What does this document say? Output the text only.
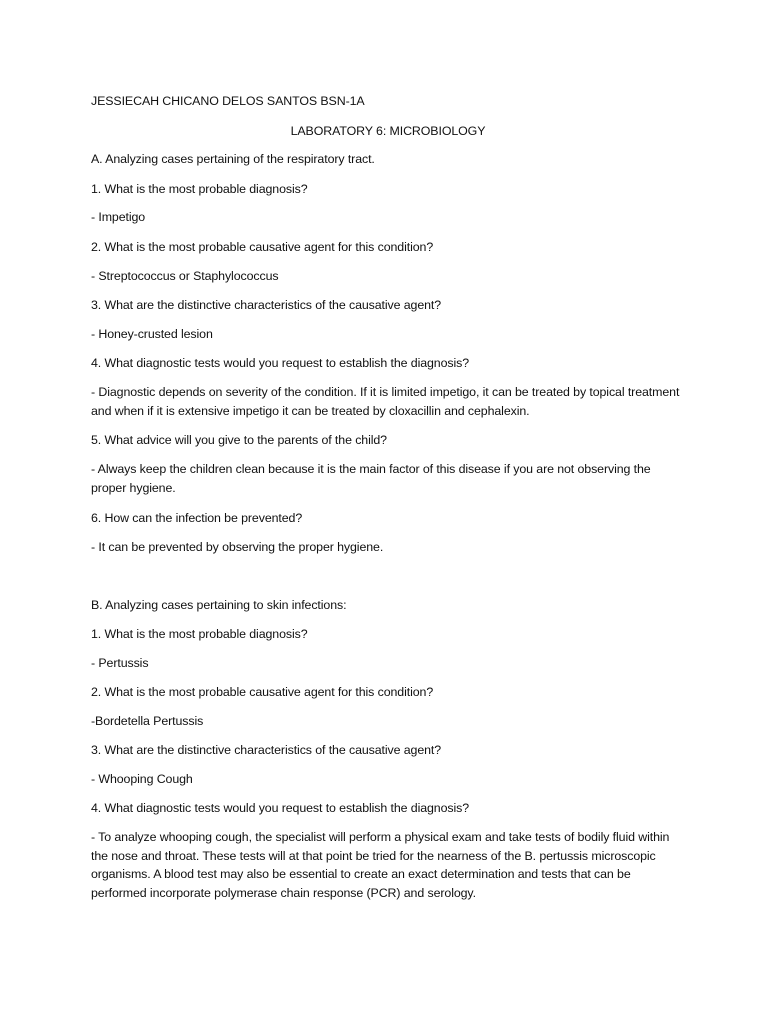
JESSIECAH CHICANO DELOS SANTOS BSN-1A

LABORATORY 6: MICROBIOLOGY

A. Analyzing cases pertaining of the respiratory tract.

1. What is the most probable diagnosis?

- Impetigo

2. What is the most probable causative agent for this condition?

- Streptococcus or Staphylococcus

3. What are the distinctive characteristics of the causative agent?

- Honey-crusted lesion

4. What diagnostic tests would you request to establish the diagnosis?

- Diagnostic depends on severity of the condition. If it is limited impetigo, it can be treated by topical treatment and when if it is extensive impetigo it can be treated by cloxacillin and cephalexin.

5. What advice will you give to the parents of the child?

- Always keep the children clean because it is the main factor of this disease if you are not observing the proper hygiene.

6. How can the infection be prevented?

- It can be prevented by observing the proper hygiene.

B. Analyzing cases pertaining to skin infections:

1. What is the most probable diagnosis?

- Pertussis

2. What is the most probable causative agent for this condition?

-Bordetella Pertussis

3. What are the distinctive characteristics of the causative agent?

- Whooping Cough

4. What diagnostic tests would you request to establish the diagnosis?

- To analyze whooping cough, the specialist will perform a physical exam and take tests of bodily fluid within the nose and throat. These tests will at that point be tried for the nearness of the B. pertussis microscopic organisms. A blood test may also be essential to create an exact determination and tests that can be performed incorporate polymerase chain response (PCR) and serology.
